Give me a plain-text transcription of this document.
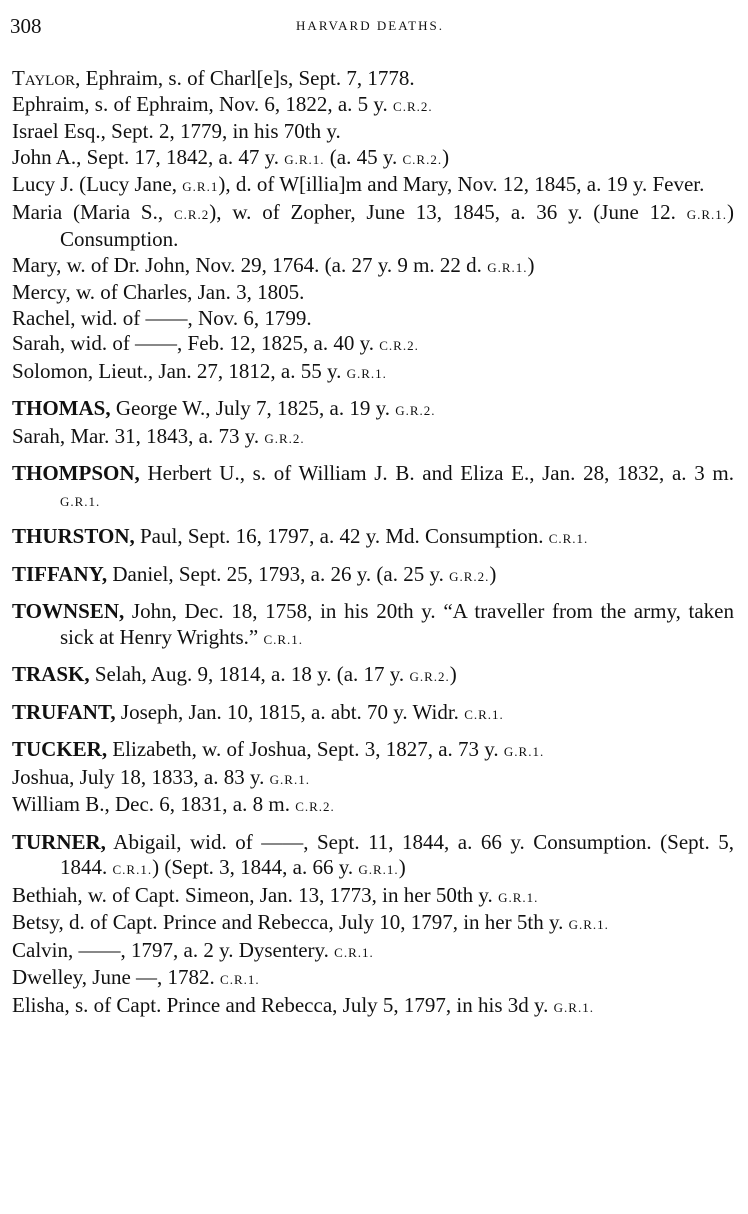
308	HARVARD DEATHS.

Taylor, Ephraim, s. of Charl[e]s, Sept. 7, 1778.

Ephraim, s. of Ephraim, Nov. 6, 1822, a. 5 y. C.R.2.

Israel Esq., Sept. 2, 1779, in his 70th y.

John A., Sept. 17, 1842, a. 47 y. G.R.1. (a. 45 y. C.R.2.)

Lucy J. (Lucy Jane, G.R.1), d. of W[illia]m and Mary, Nov. 12, 1845, a. 19 y. Fever.

Maria (Maria S., C.R.2), w. of Zopher, June 13, 1845, a. 36 y. (June 12. G.R.1.) Consumption.

Mary, w. of Dr. John, Nov. 29, 1764. (a. 27 y. 9 m. 22 d. G.R.1.)

Mercy, w. of Charles, Jan. 3, 1805.

Rachel, wid. of ——, Nov. 6, 1799.

Sarah, wid. of ——, Feb. 12, 1825, a. 40 y. C.R.2.

Solomon, Lieut., Jan. 27, 1812, a. 55 y. G.R.1.

THOMAS, George W., July 7, 1825, a. 19 y. G.R.2.

Sarah, Mar. 31, 1843, a. 73 y. G.R.2.

THOMPSON, Herbert U., s. of William J. B. and Eliza E., Jan. 28, 1832, a. 3 m. G.R.1.

THURSTON, Paul, Sept. 16, 1797, a. 42 y. Md. Consumption. C.R.1.

TIFFANY, Daniel, Sept. 25, 1793, a. 26 y. (a. 25 y. G.R.2.)

TOWNSEN, John, Dec. 18, 1758, in his 20th y. “A traveller from the army, taken sick at Henry Wrights.” C.R.1.

TRASK, Selah, Aug. 9, 1814, a. 18 y. (a. 17 y. G.R.2.)

TRUFANT, Joseph, Jan. 10, 1815, a. abt. 70 y. Widr. C.R.1.

TUCKER, Elizabeth, w. of Joshua, Sept. 3, 1827, a. 73 y. G.R.1.

Joshua, July 18, 1833, a. 83 y. G.R.1.

William B., Dec. 6, 1831, a. 8 m. C.R.2.

TURNER, Abigail, wid. of ——, Sept. 11, 1844, a. 66 y. Consumption. (Sept. 5, 1844. C.R.1.) (Sept. 3, 1844, a. 66 y. G.R.1.)

Bethiah, w. of Capt. Simeon, Jan. 13, 1773, in her 50th y. G.R.1.

Betsy, d. of Capt. Prince and Rebecca, July 10, 1797, in her 5th y. G.R.1.

Calvin, ——, 1797, a. 2 y. Dysentery. C.R.1.

Dwelley, June —, 1782. C.R.1.

Elisha, s. of Capt. Prince and Rebecca, July 5, 1797, in his 3d y. G.R.1.
